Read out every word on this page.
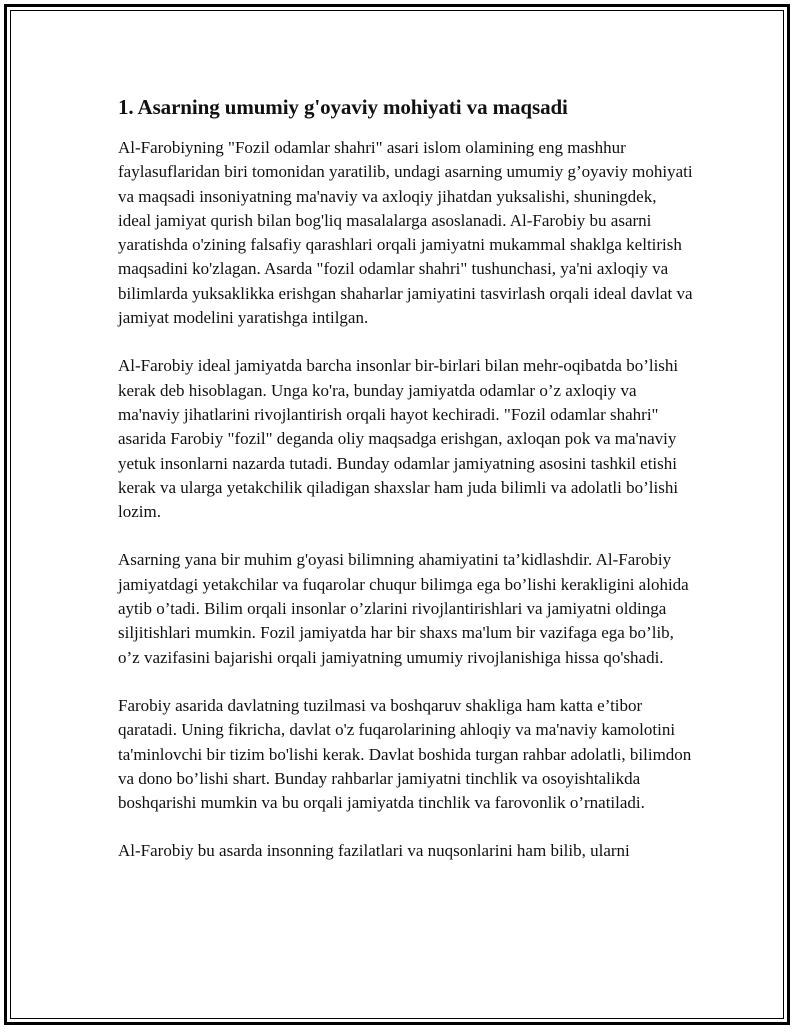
1. Asarning umumiy g'oyaviy mohiyati va maqsadi

Al-Farobiyning "Fozil odamlar shahri" asari islom olamining eng mashhur faylasuflaridan biri tomonidan yaratilib, undagi asarning umumiy g’oyaviy mohiyati va maqsadi insoniyatning ma'naviy va axloqiy jihatdan yuksalishi, shuningdek, ideal jamiyat qurish bilan bog'liq masalalarga asoslanadi. Al-Farobiy bu asarni yaratishda o'zining falsafiy qarashlari orqali jamiyatni mukammal shaklga keltirish maqsadini ko'zlagan. Asarda "fozil odamlar shahri" tushunchasi, ya'ni axloqiy va bilimlarda yuksaklikka erishgan shaharlar jamiyatini tasvirlash orqali ideal davlat va jamiyat modelini yaratishga intilgan.

Al-Farobiy ideal jamiyatda barcha insonlar bir-birlari bilan mehr-oqibatda bo’lishi kerak deb hisoblagan. Unga ko'ra, bunday jamiyatda odamlar o’z axloqiy va ma'naviy jihatlarini rivojlantirish orqali hayot kechiradi. "Fozil odamlar shahri" asarida Farobiy "fozil" deganda oliy maqsadga erishgan, axloqan pok va ma'naviy yetuk insonlarni nazarda tutadi. Bunday odamlar jamiyatning asosini tashkil etishi kerak va ularga yetakchilik qiladigan shaxslar ham juda bilimli va adolatli bo’lishi lozim.

Asarning yana bir muhim g'oyasi bilimning ahamiyatini ta’kidlashdir. Al-Farobiy jamiyatdagi yetakchilar va fuqarolar chuqur bilimga ega bo’lishi kerakligini alohida aytib o’tadi. Bilim orqali insonlar o’zlarini rivojlantirishlari va jamiyatni oldinga siljitishlari mumkin. Fozil jamiyatda har bir shaxs ma'lum bir vazifaga ega bo’lib, o’z vazifasini bajarishi orqali jamiyatning umumiy rivojlanishiga hissa qo'shadi.

Farobiy asarida davlatning tuzilmasi va boshqaruv shakliga ham katta e’tibor qaratadi. Uning fikricha, davlat o'z fuqarolarining ahloqiy va ma'naviy kamolotini ta'minlovchi bir tizim bo'lishi kerak. Davlat boshida turgan rahbar adolatli, bilimdon va dono bo’lishi shart. Bunday rahbarlar jamiyatni tinchlik va osoyishtalikda boshqarishi mumkin va bu orqali jamiyatda tinchlik va farovonlik o’rnatiladi.

Al-Farobiy bu asarda insonning fazilatlari va nuqsonlarini ham bilib, ularni
